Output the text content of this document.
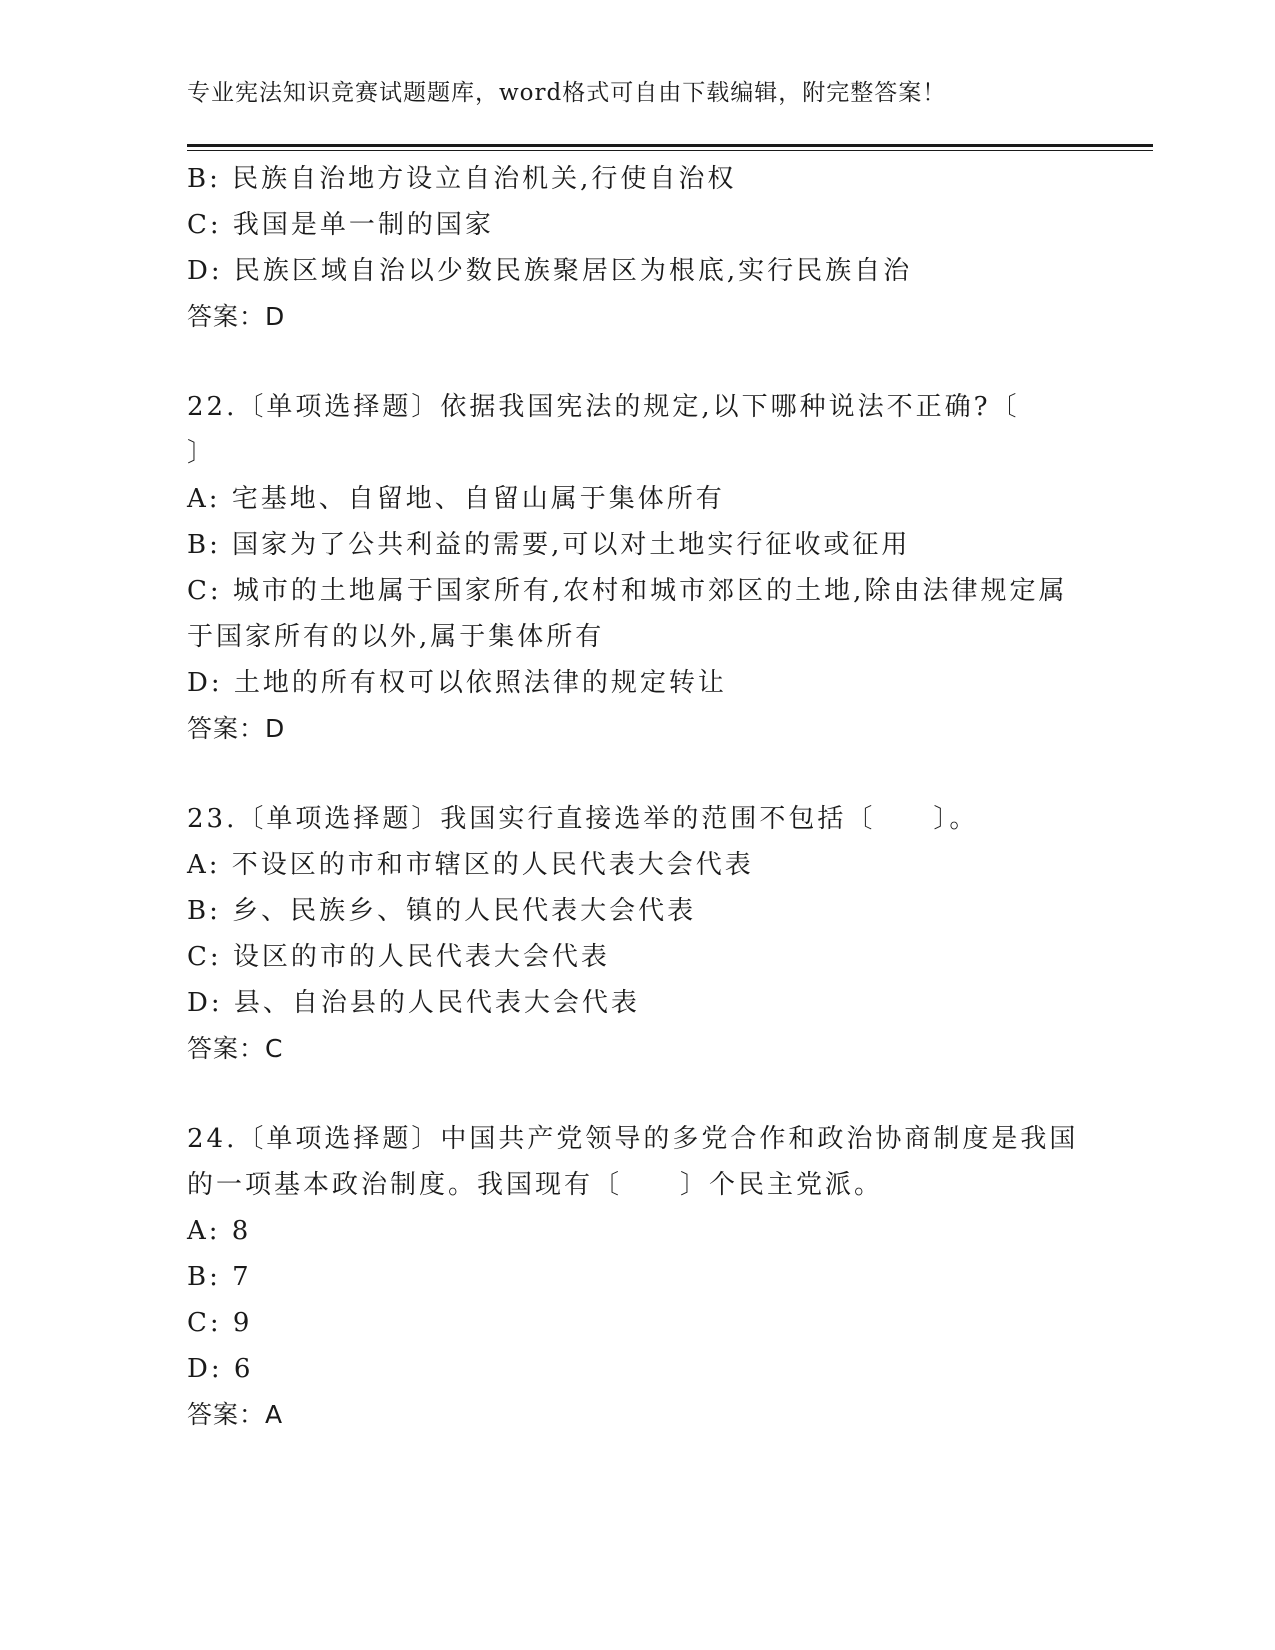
专业宪法知识竞赛试题题库，word格式可自由下载编辑，附完整答案！
B: 民族自治地方设立自治机关,行使自治权
C: 我国是单一制的国家
D: 民族区域自治以少数民族聚居区为根底,实行民族自治
答案：D
22.〔单项选择题〕依据我国宪法的规定,以下哪种说法不正确?〔
〕
A: 宅基地、自留地、自留山属于集体所有
B: 国家为了公共利益的需要,可以对土地实行征收或征用
C: 城市的土地属于国家所有,农村和城市郊区的土地,除由法律规定属
于国家所有的以外,属于集体所有
D: 土地的所有权可以依照法律的规定转让
答案：D
23.〔单项选择题〕我国实行直接选举的范围不包括〔　　〕。
A: 不设区的市和市辖区的人民代表大会代表
B: 乡、民族乡、镇的人民代表大会代表
C: 设区的市的人民代表大会代表
D: 县、自治县的人民代表大会代表
答案：C
24.〔单项选择题〕中国共产党领导的多党合作和政治协商制度是我国
的一项基本政治制度。我国现有〔　　〕个民主党派。
A: 8
B: 7
C: 9
D: 6
答案：A
